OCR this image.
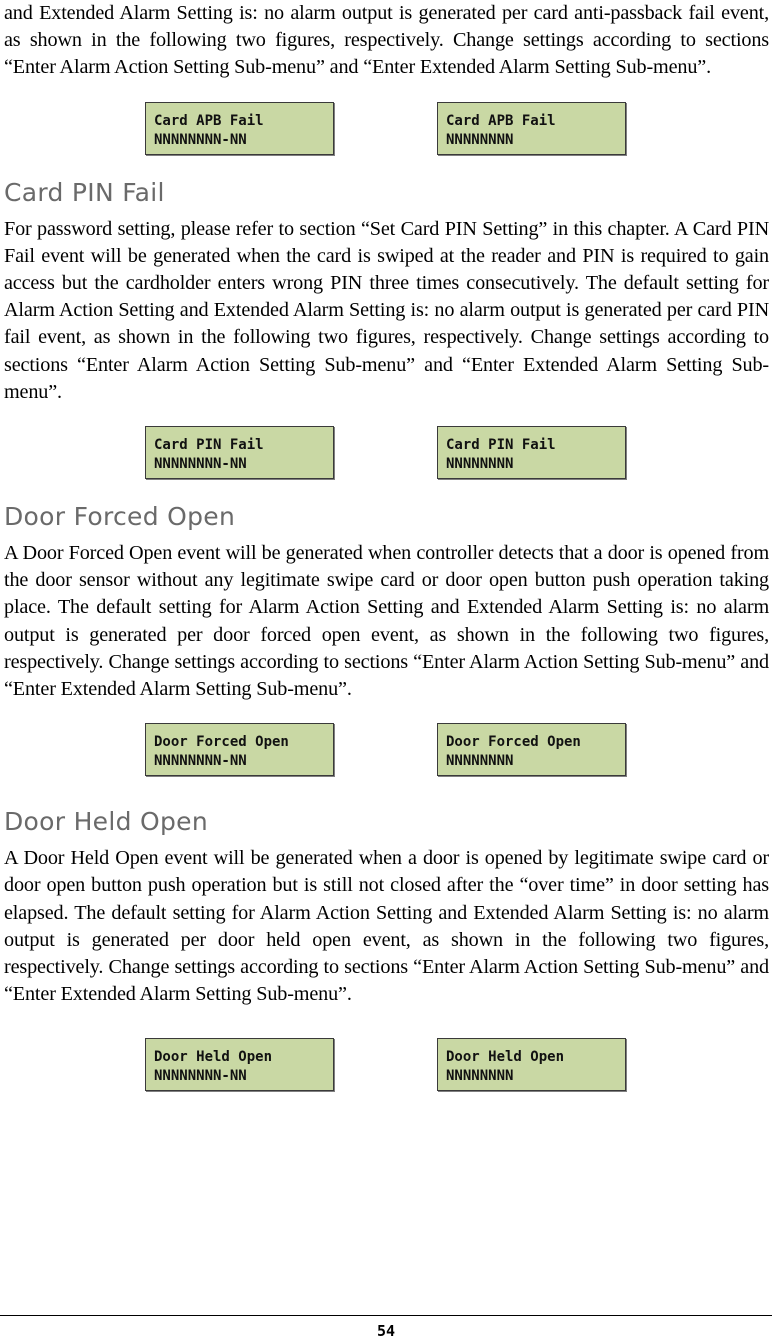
and Extended Alarm Setting is: no alarm output is generated per card anti-passback fail event, as shown in the following two figures, respectively. Change settings according to sections “Enter Alarm Action Setting Sub-menu” and “Enter Extended Alarm Setting Sub-menu”.

Card APB Fail
NNNNNNNN-NN
Card APB Fail
NNNNNNNN
Card PIN Fail

For password setting, please refer to section “Set Card PIN Setting” in this chapter. A Card PIN Fail event will be generated when the card is swiped at the reader and PIN is required to gain access but the cardholder enters wrong PIN three times consecutively. The default setting for Alarm Action Setting and Extended Alarm Setting is: no alarm output is generated per card PIN fail event, as shown in the following two figures, respectively. Change settings according to sections “Enter Alarm Action Setting Sub-menu” and “Enter Extended Alarm Setting Sub-menu”.

Card PIN Fail
NNNNNNNN-NN
Card PIN Fail
NNNNNNNN
Door Forced Open

A Door Forced Open event will be generated when controller detects that a door is opened from the door sensor without any legitimate swipe card or door open button push operation taking place. The default setting for Alarm Action Setting and Extended Alarm Setting is: no alarm output is generated per door forced open event, as shown in the following two figures, respectively. Change settings according to sections “Enter Alarm Action Setting Sub-menu” and “Enter Extended Alarm Setting Sub-menu”.

Door Forced Open
NNNNNNNN-NN
Door Forced Open
NNNNNNNN
Door Held Open

A Door Held Open event will be generated when a door is opened by legitimate swipe card or door open button push operation but is still not closed after the “over time” in door setting has elapsed. The default setting for Alarm Action Setting and Extended Alarm Setting is: no alarm output is generated per door held open event, as shown in the following two figures, respectively. Change settings according to sections “Enter Alarm Action Setting Sub-menu” and “Enter Extended Alarm Setting Sub-menu”.

Door Held Open
NNNNNNNN-NN
Door Held Open
NNNNNNNN
54
